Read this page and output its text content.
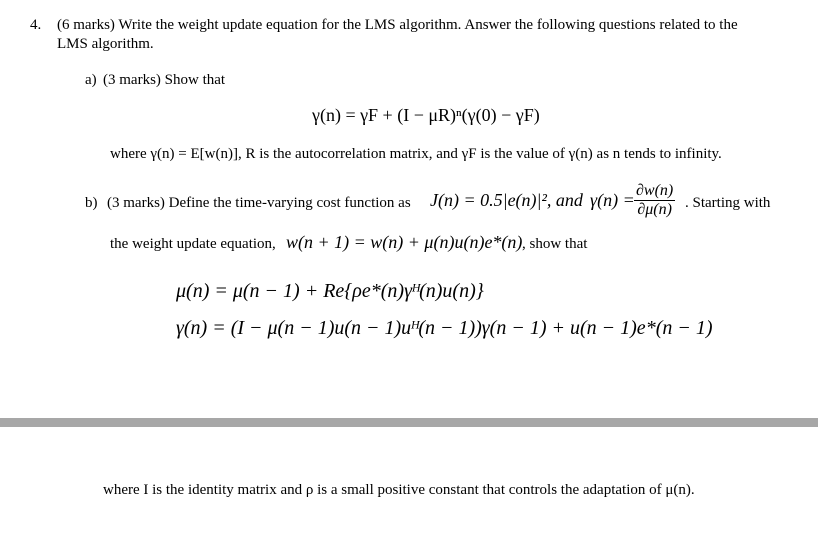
4. (6 marks) Write the weight update equation for the LMS algorithm. Answer the following questions related to the
LMS algorithm.
a) (3 marks) Show that
γ(n) = γF + (I − μR)ⁿ(γ(0) − γF)
where γ(n) = E[w(n)], R is the autocorrelation matrix, and γF is the value of γ(n) as n tends to infinity.
b) (3 marks) Define the time-varying cost function as J(n) = 0.5|e(n)|², and $\gamma(n) = \frac{\partial w(n)}{\partial\mu(n)}$ . Starting with
the weight update equation, w(n + 1) = w(n) + μ(n)u(n)e*(n) , show that
μ(n) = μ(n − 1) + Re{ρe*(n)γᴴ(n)u(n)}
γ(n) = (I − μ(n − 1)u(n − 1)uᴴ(n − 1))γ(n − 1) + u(n − 1)e*(n − 1)
where I is the identity matrix and ρ is a small positive constant that controls the adaptation of μ(n).
